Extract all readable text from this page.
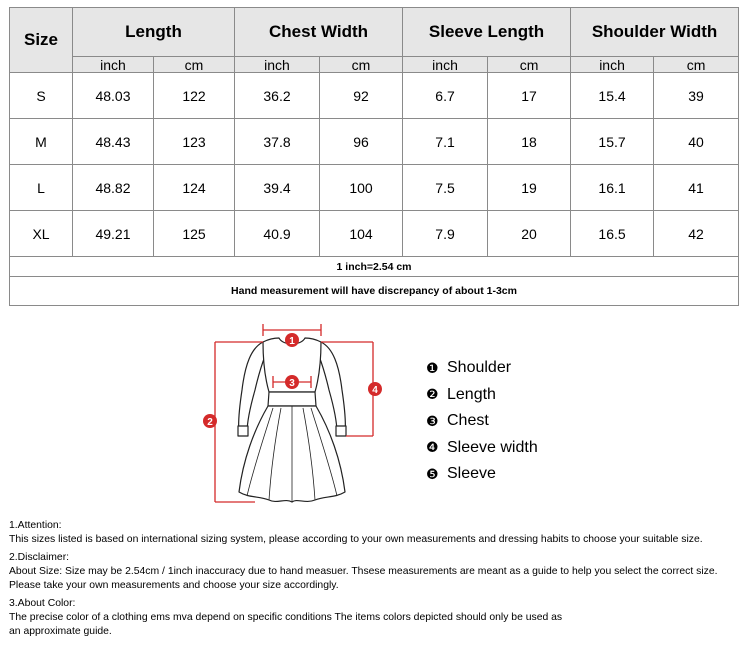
Size	Length		Chest Width		Sleeve Length		Shoulder Width	
	inch	cm	inch	cm	inch	cm	inch	cm
S	48.03	122	36.2	92	6.7	17	15.4	39
M	48.43	123	37.8	96	7.1	18	15.7	40
L	48.82	124	39.4	100	7.5	19	16.1	41
XL	49.21	125	40.9	104	7.9	20	16.5	42
1 inch=2.54 cm								
Hand measurement will have discrepancy of about 1-3cm								
1
2
3
4
❶ Shoulder
❷ Length
❸ Chest
❹ Sleeve width
❺ Sleeve

1.Attention:

This sizes listed is based on international sizing system, please according to your own measurements and dressing habits to choose your suitable size.

2.Disclaimer:

About Size: Size may be 2.54cm / 1inch inaccuracy due to hand measuer. Thsese measurements are meant as a guide to help you select the correct size.

Please take your own measurements and choose your size accordingly.

3.About Color:

The precise color of a clothing ems mva depend on specific conditions The items colors depicted should only be used as

an approximate guide.
